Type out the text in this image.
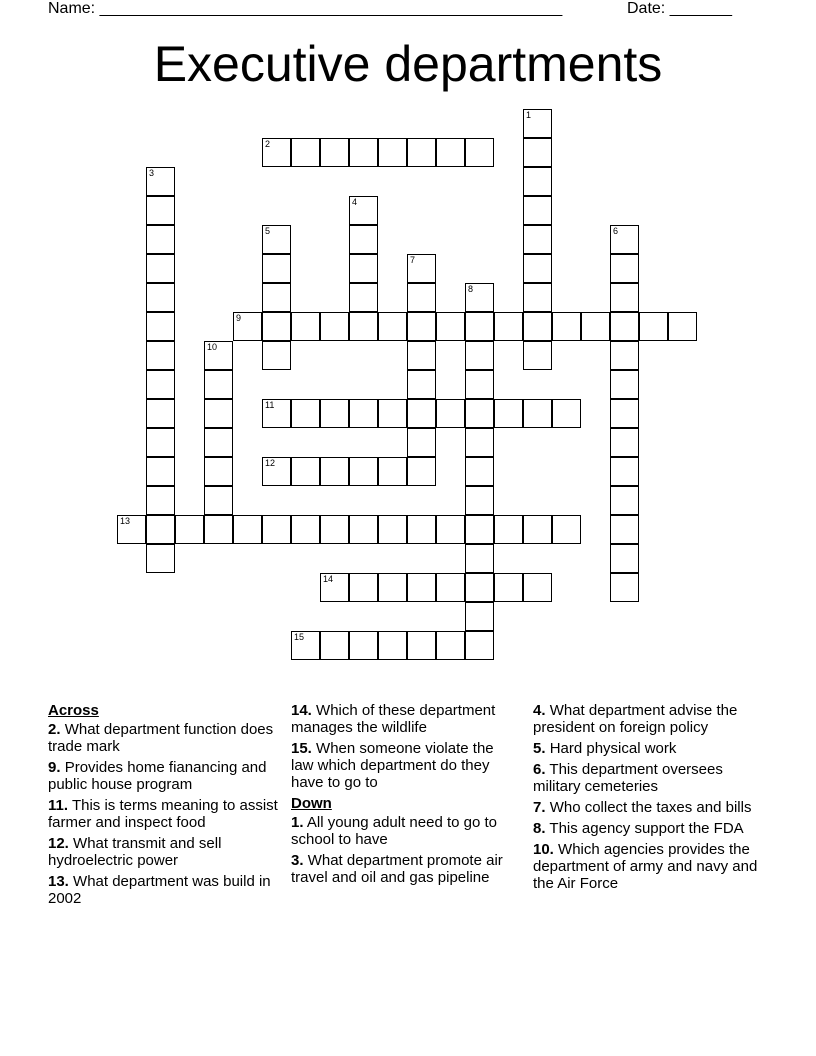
Name: ____________________________________________________	Date: _______
Executive departments
1
2
3
4
5	6
7
8
9
10
11
12
13
14
15
Across
2. What department function does trade mark
9. Provides home fianancing and public house program
11. This is terms meaning to assist farmer and inspect food
12. What transmit and sell hydroelectric power
13. What department was build in 2002
14. Which of these department manages the wildlife
15. When someone violate the law which department do they have to go to
Down
1. All young adult need to go to school to have
3. What department promote air travel and oil and gas pipeline
4. What department advise the president on foreign policy
5. Hard physical work
6. This department oversees military cemeteries
7. Who collect the taxes and bills
8. This agency support the FDA
10. Which agencies provides the department of army and navy and the Air Force
